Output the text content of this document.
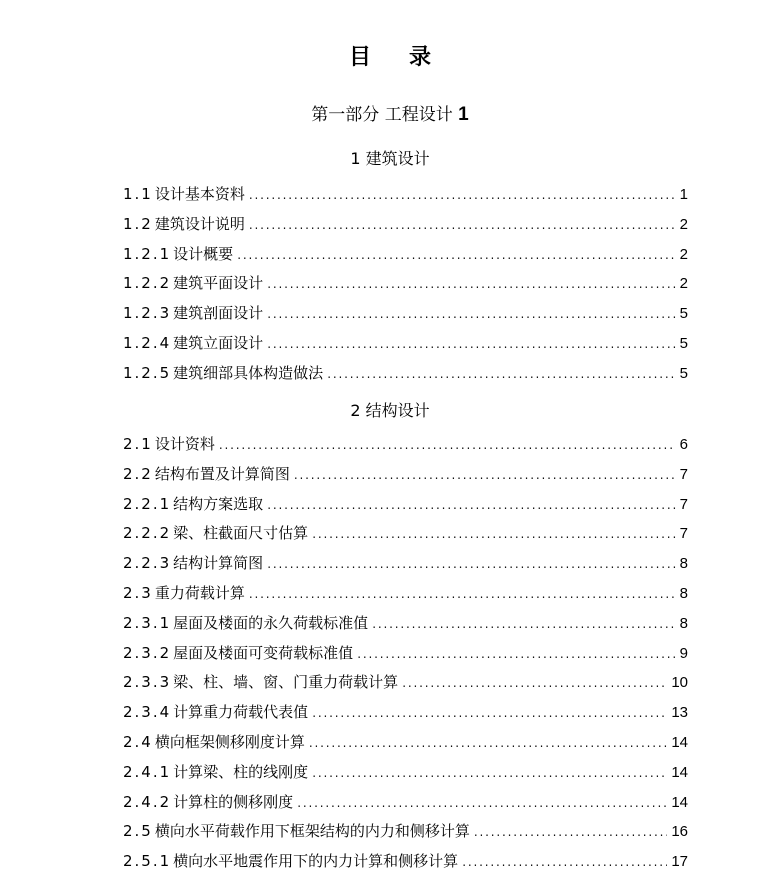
目 录
第一部分 工程设计 1
1 建筑设计
1.1 设计基本资料 . . .	1
1.2 建筑设计说明 . . .	2
1.2.1 设计概要 . . .	2
1.2.2 建筑平面设计 . . .	2
1.2.3 建筑剖面设计 . . .	5
1.2.4 建筑立面设计 . . .	5
1.2.5 建筑细部具体构造做法 . . .	5
2 结构设计
2.1 设计资料 . . .	6
2.2 结构布置及计算简图 . . .	7
2.2.1 结构方案选取 . . .	7
2.2.2 梁、柱截面尺寸估算 . . .	7
2.2.3 结构计算简图 . . .	8
2.3 重力荷载计算 . . .	8
2.3.1 屋面及楼面的永久荷载标准值 . . .	8
2.3.2 屋面及楼面可变荷载标准值 . . .	9
2.3.3 梁、柱、墙、窗、门重力荷载计算 . . .	10
2.3.4 计算重力荷载代表值 . . .	13
2.4 横向框架侧移刚度计算 . . .	14
2.4.1 计算梁、柱的线刚度 . . .	14
2.4.2 计算柱的侧移刚度 . . .	14
2.5 横向水平荷载作用下框架结构的内力和侧移计算 . . .	16
2.5.1 横向水平地震作用下的内力计算和侧移计算 . . .	17
